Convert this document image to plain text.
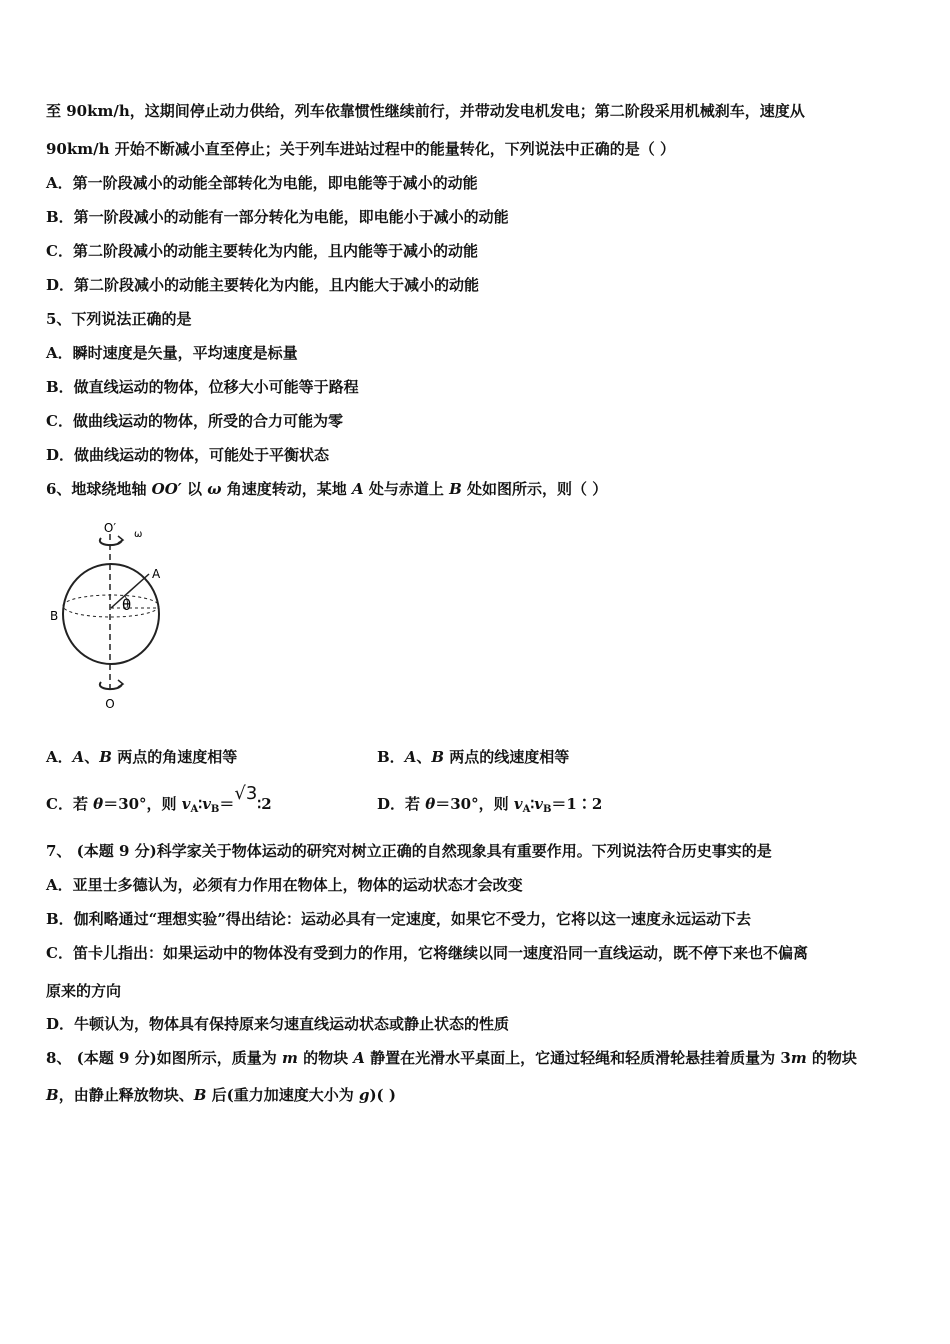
至 90km/h，这期间停止动力供给，列车依靠惯性继续前行，并带动发电机发电；第二阶段采用机械刹车，速度从
90km/h 开始不断减小直至停止；关于列车进站过程中的能量转化，下列说法中正确的是（ ）
A．第一阶段减小的动能全部转化为电能，即电能等于减小的动能
B．第一阶段减小的动能有一部分转化为电能，即电能小于减小的动能
C．第二阶段减小的动能主要转化为内能，且内能等于减小的动能
D．第二阶段减小的动能主要转化为内能，且内能大于减小的动能
5、下列说法正确的是
A．瞬时速度是矢量，平均速度是标量
B．做直线运动的物体，位移大小可能等于路程
C．做曲线运动的物体，所受的合力可能为零
D．做曲线运动的物体，可能处于平衡状态
6、地球绕地轴 OO′ 以 ω 角速度转动，某地 A 处与赤道上 B 处如图所示，则（ ）
O′ ω
A
B
θ
O
A．A、B 两点的角速度相等	B．A、B 两点的线速度相等
C．若 θ＝30°，则 $v_A∶v_B=√3∶2$	D．若 θ＝30°，则 $v_A∶v_B=1∶2$
7、 (本题 9 分)科学家关于物体运动的研究对树立正确的自然现象具有重要作用。下列说法符合历史事实的是
A．亚里士多德认为，必须有力作用在物体上，物体的运动状态才会改变
B．伽利略通过“理想实验”得出结论：运动必具有一定速度，如果它不受力，它将以这一速度永远运动下去
C．笛卡儿指出：如果运动中的物体没有受到力的作用，它将继续以同一速度沿同一直线运动，既不停下来也不偏离
原来的方向
D．牛顿认为，物体具有保持原来匀速直线运动状态或静止状态的性质
8、 (本题 9 分)如图所示，质量为 m 的物块 A 静置在光滑水平桌面上，它通过轻绳和轻质滑轮悬挂着质量为 3m 的物块
B，由静止释放物块、B 后(重力加速度大小为 g)( )
